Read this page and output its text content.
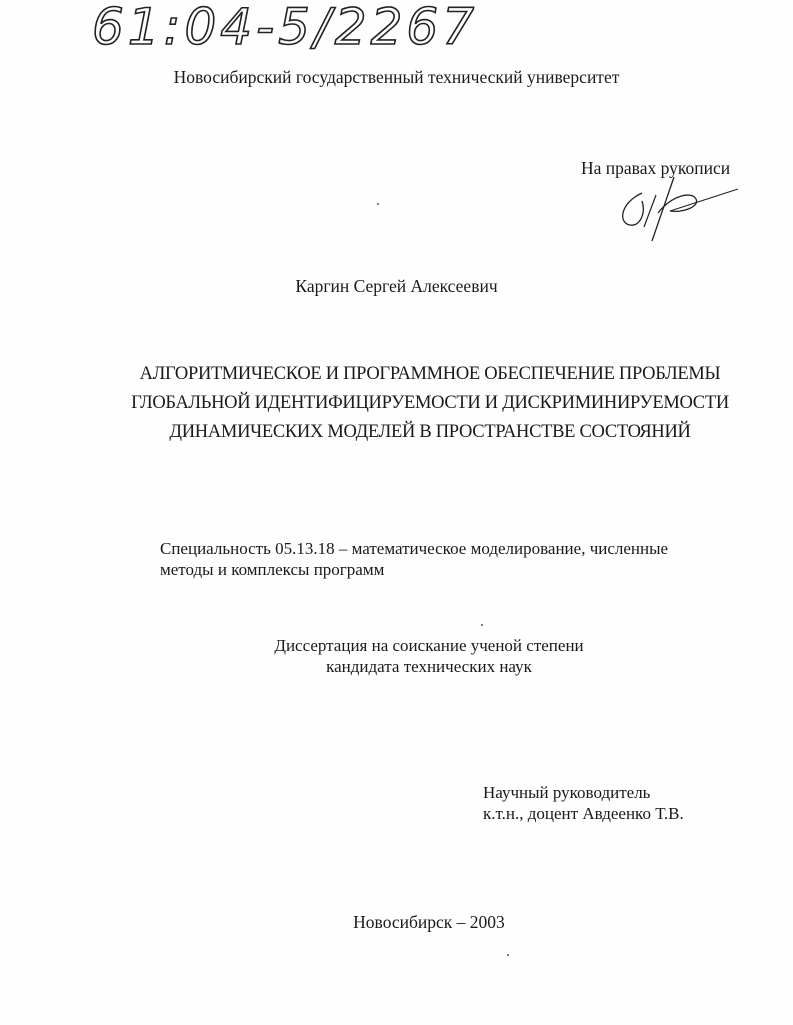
61:04-5/2267
Новосибирский государственный технический университет
На правах рукописи
Каргин Сергей Алексеевич

АЛГОРИТМИЧЕСКОЕ И ПРОГРАММНОЕ ОБЕСПЕЧЕНИЕ ПРОБЛЕМЫ

ГЛОБАЛЬНОЙ ИДЕНТИФИЦИРУЕМОСТИ И ДИСКРИМИНИРУЕМОСТИ

ДИНАМИЧЕСКИХ МОДЕЛЕЙ В ПРОСТРАНСТВЕ СОСТОЯНИЙ

Специальность 05.13.18 – математическое моделирование, численные
методы и комплексы программ
Диссертация на соискание ученой степени
кандидата технических наук
Научный руководитель
к.т.н., доцент Авдеенко Т.В.
Новосибирск – 2003
